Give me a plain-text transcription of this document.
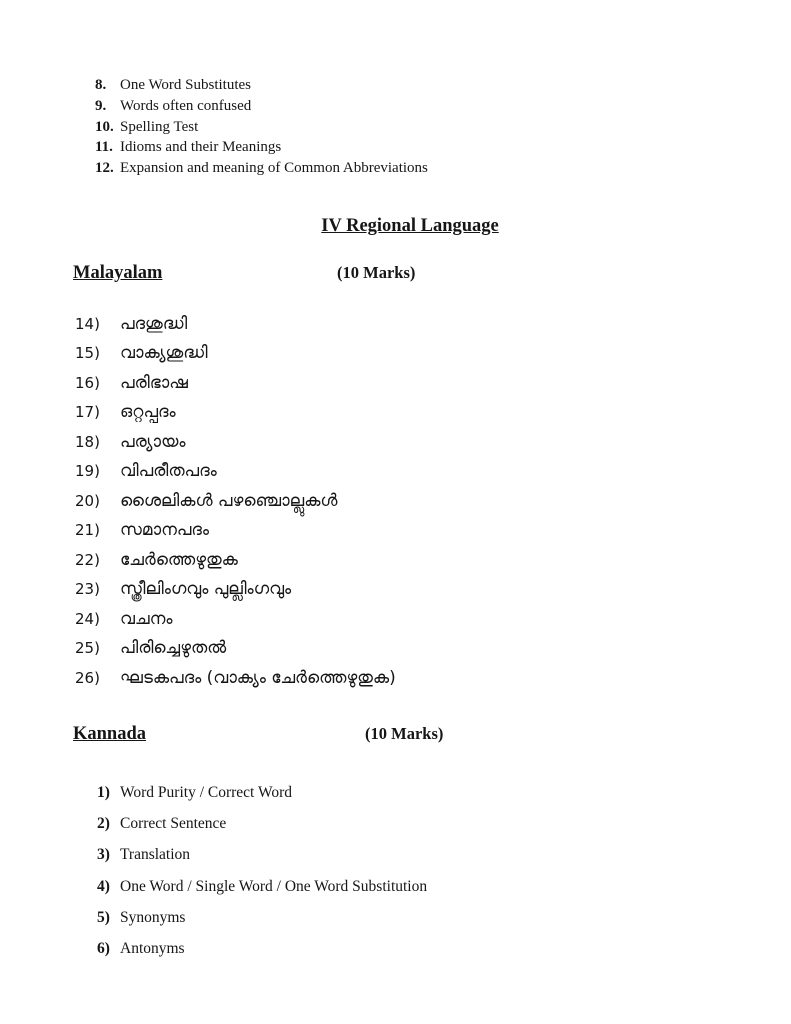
8. One Word Substitutes
9. Words often confused
10. Spelling Test
11. Idioms and their Meanings
12. Expansion and meaning of Common Abbreviations
IV Regional Language
Malayalam	(10 Marks)
14)	പദശുദ്ധി
15)	വാക്യശുദ്ധി
16)	പരിഭാഷ
17)	ഒറ്റപ്പദം
18)	പര്യായം
19)	വിപരീതപദം
20)	ശൈലികൾ പഴഞ്ചൊല്ലുകൾ
21)	സമാനപദം
22)	ചേർത്തെഴുതുക
23)	സ്ത്രീലിംഗവും പുല്ലിംഗവും
24)	വചനം
25)	പിരിച്ചെഴുതൽ
26)	ഘടകപദം (വാക്യം ചേർത്തെഴുതുക)
Kannada	(10 Marks)
1) Word Purity / Correct Word
2) Correct Sentence
3) Translation
4) One Word / Single Word / One Word Substitution
5) Synonyms
6) Antonyms
